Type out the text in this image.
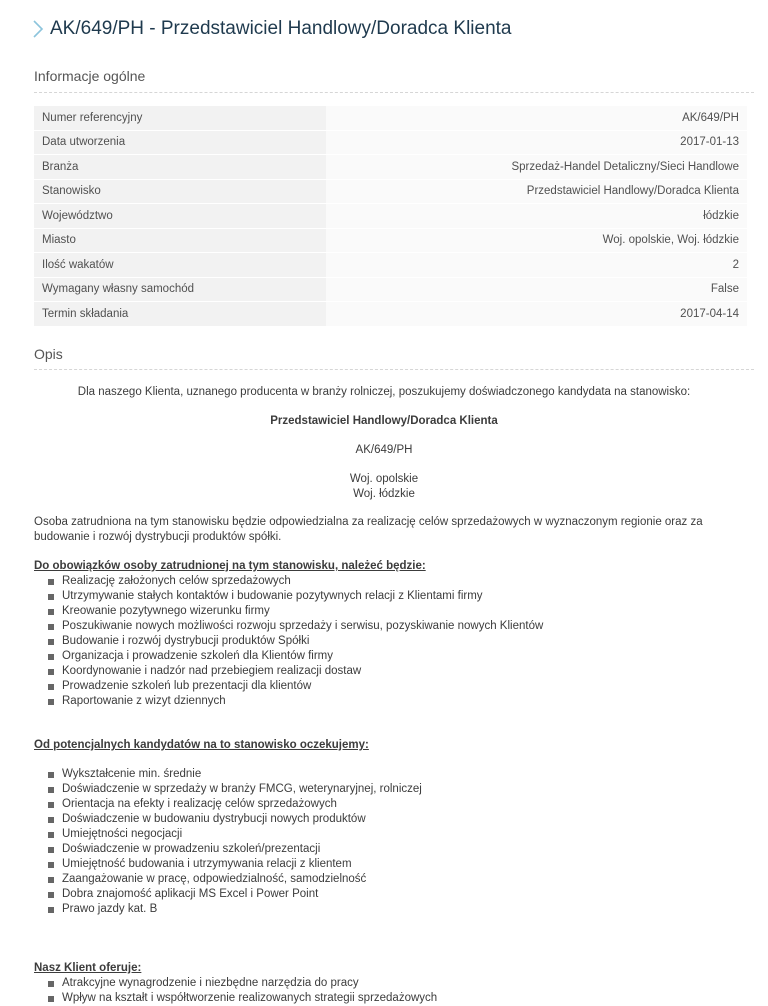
AK/649/PH - Przedstawiciel Handlowy/Doradca Klienta
Informacje ogólne
Numer referencyjny	AK/649/PH
Data utworzenia	2017-01-13
Branża	Sprzedaż-Handel Detaliczny/Sieci Handlowe
Stanowisko	Przedstawiciel Handlowy/Doradca Klienta
Województwo	łódzkie
Miasto	Woj. opolskie, Woj. łódzkie
Ilość wakatów	2
Wymagany własny samochód	False
Termin składania	2017-04-14
Opis
Dla naszego Klienta, uznanego producenta w branży rolniczej, poszukujemy doświadczonego kandydata na stanowisko:
Przedstawiciel Handlowy/Doradca Klienta
AK/649/PH
Woj. opolskie
Woj. łódzkie
Osoba zatrudniona na tym stanowisku będzie odpowiedzialna za realizację celów sprzedażowych w wyznaczonym regionie oraz za budowanie i rozwój dystrybucji produktów spółki.
Do obowiązków osoby zatrudnionej na tym stanowisku, należeć będzie:
Realizację założonych celów sprzedażowych
Utrzymywanie stałych kontaktów i budowanie pozytywnych relacji z Klientami firmy
Kreowanie pozytywnego wizerunku firmy
Poszukiwanie nowych możliwości rozwoju sprzedaży i serwisu, pozyskiwanie nowych Klientów
Budowanie i rozwój dystrybucji produktów Spółki
Organizacja i prowadzenie szkoleń dla Klientów firmy
Koordynowanie i nadzór nad przebiegiem realizacji dostaw
Prowadzenie szkoleń lub prezentacji dla klientów
Raportowanie z wizyt dziennych
Od potencjalnych kandydatów na to stanowisko oczekujemy:
Wykształcenie min. średnie
Doświadczenie w sprzedaży w branży FMCG, weterynaryjnej, rolniczej
Orientacja na efekty i realizację celów sprzedażowych
Doświadczenie w budowaniu dystrybucji nowych produktów
Umiejętności negocjacji
Doświadczenie w prowadzeniu szkoleń/prezentacji
Umiejętność budowania i utrzymywania relacji z klientem
Zaangażowanie w pracę, odpowiedzialność, samodzielność
Dobra znajomość aplikacji MS Excel i Power Point
Prawo jazdy kat. B
Nasz Klient oferuje:
Atrakcyjne wynagrodzenie i niezbędne narzędzia do pracy
Wpływ na kształt i współtworzenie realizowanych strategii sprzedażowych
